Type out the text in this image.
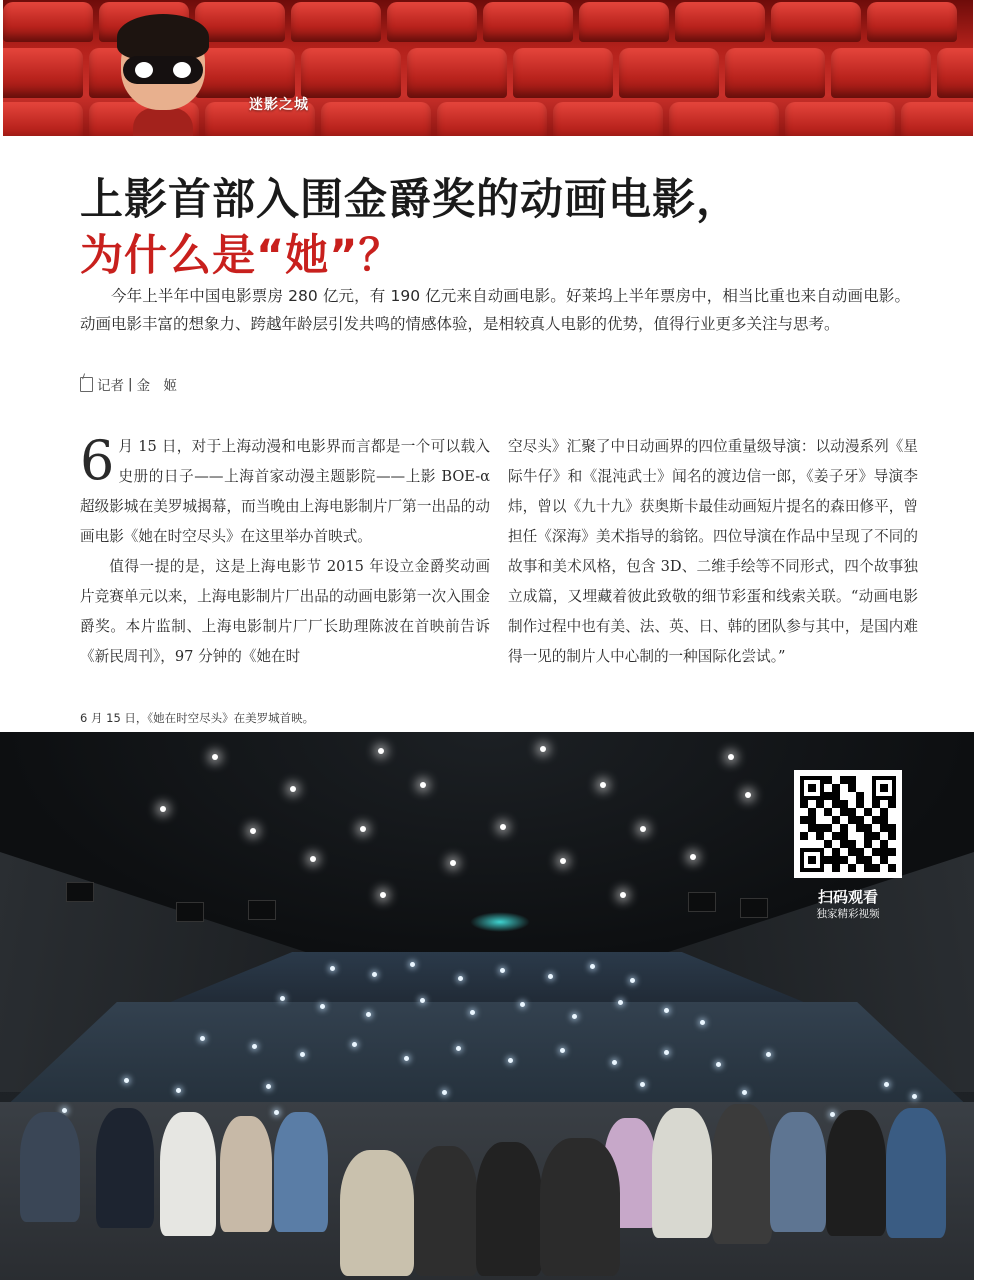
迷影之城
上影首部入围金爵奖的动画电影，
为什么是“她”？
今年上半年中国电影票房 280 亿元，有 190 亿元来自动画电影。好莱坞上半年票房中，相当比重也来自动画电影。动画电影丰富的想象力、跨越年龄层引发共鸣的情感体验，是相较真人电影的优势，值得行业更多关注与思考。
记者 | 金　姬

6 月 15 日，对于上海动漫和电影界而言都是一个可以载入史册的日子——上海首家动漫主题影院——上影 BOE-α 超级影城在美罗城揭幕，而当晚由上海电影制片厂第一出品的动画电影《她在时空尽头》在这里举办首映式。

值得一提的是，这是上海电影节 2015 年设立金爵奖动画片竞赛单元以来，上海电影制片厂出品的动画电影第一次入围金爵奖。本片监制、上海电影制片厂厂长助理陈波在首映前告诉《新民周刊》，97 分钟的《她在时

空尽头》汇聚了中日动画界的四位重量级导演：以动漫系列《星际牛仔》和《混沌武士》闻名的渡边信一郎，《姜子牙》导演李炜，曾以《九十九》获奥斯卡最佳动画短片提名的森田修平，曾担任《深海》美术指导的翁铭。四位导演在作品中呈现了不同的故事和美术风格，包含 3D、二维手绘等不同形式，四个故事独立成篇，又埋藏着彼此致敬的细节彩蛋和线索关联。“动画电影制作过程中也有美、法、英、日、韩的团队参与其中，是国内难得一见的制片人中心制的一种国际化尝试。”

6 月 15 日，《她在时空尽头》在美罗城首映。
扫码观看
独家精彩视频
